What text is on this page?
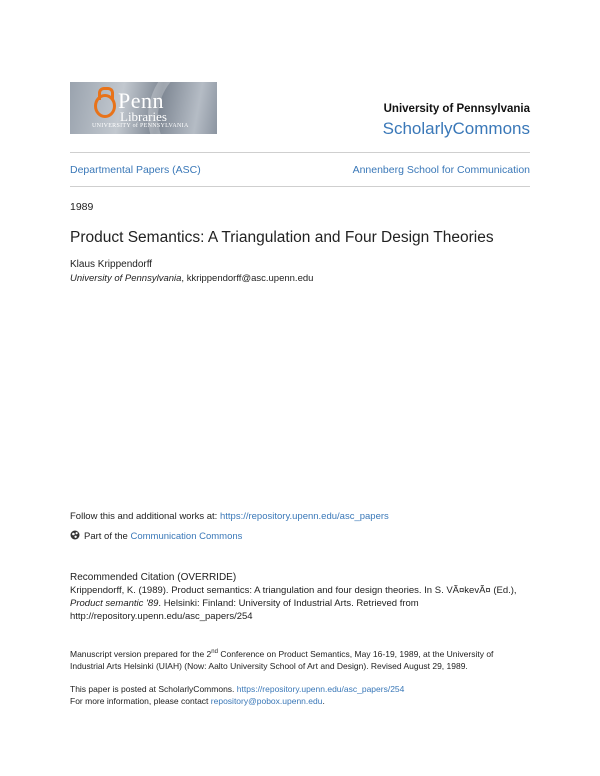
Penn
Libraries
UNIVERSITY of PENNSYLVANIA
University of Pennsylvania
ScholarlyCommons
Departmental Papers (ASC)	Annenberg School for Communication
1989
Product Semantics: A Triangulation and Four Design Theories
Klaus Krippendorff
University of Pennsylvania, kkrippendorff@asc.upenn.edu
Follow this and additional works at: https://repository.upenn.edu/asc_papers
Part of the Communication Commons
Recommended Citation (OVERRIDE)
Krippendorff, K. (1989). Product semantics: A triangulation and four design theories. In S. VÃ¤kevÃ¤ (Ed.),
Product semantic '89. Helsinki: Finland: University of Industrial Arts. Retrieved from
http://repository.upenn.edu/asc_papers/254
Manuscript version prepared for the 2nd Conference on Product Semantics, May 16-19, 1989, at the University of
Industrial Arts Helsinki (UIAH) (Now: Aalto University School of Art and Design). Revised August 29, 1989.
This paper is posted at ScholarlyCommons. https://repository.upenn.edu/asc_papers/254
For more information, please contact repository@pobox.upenn.edu.
